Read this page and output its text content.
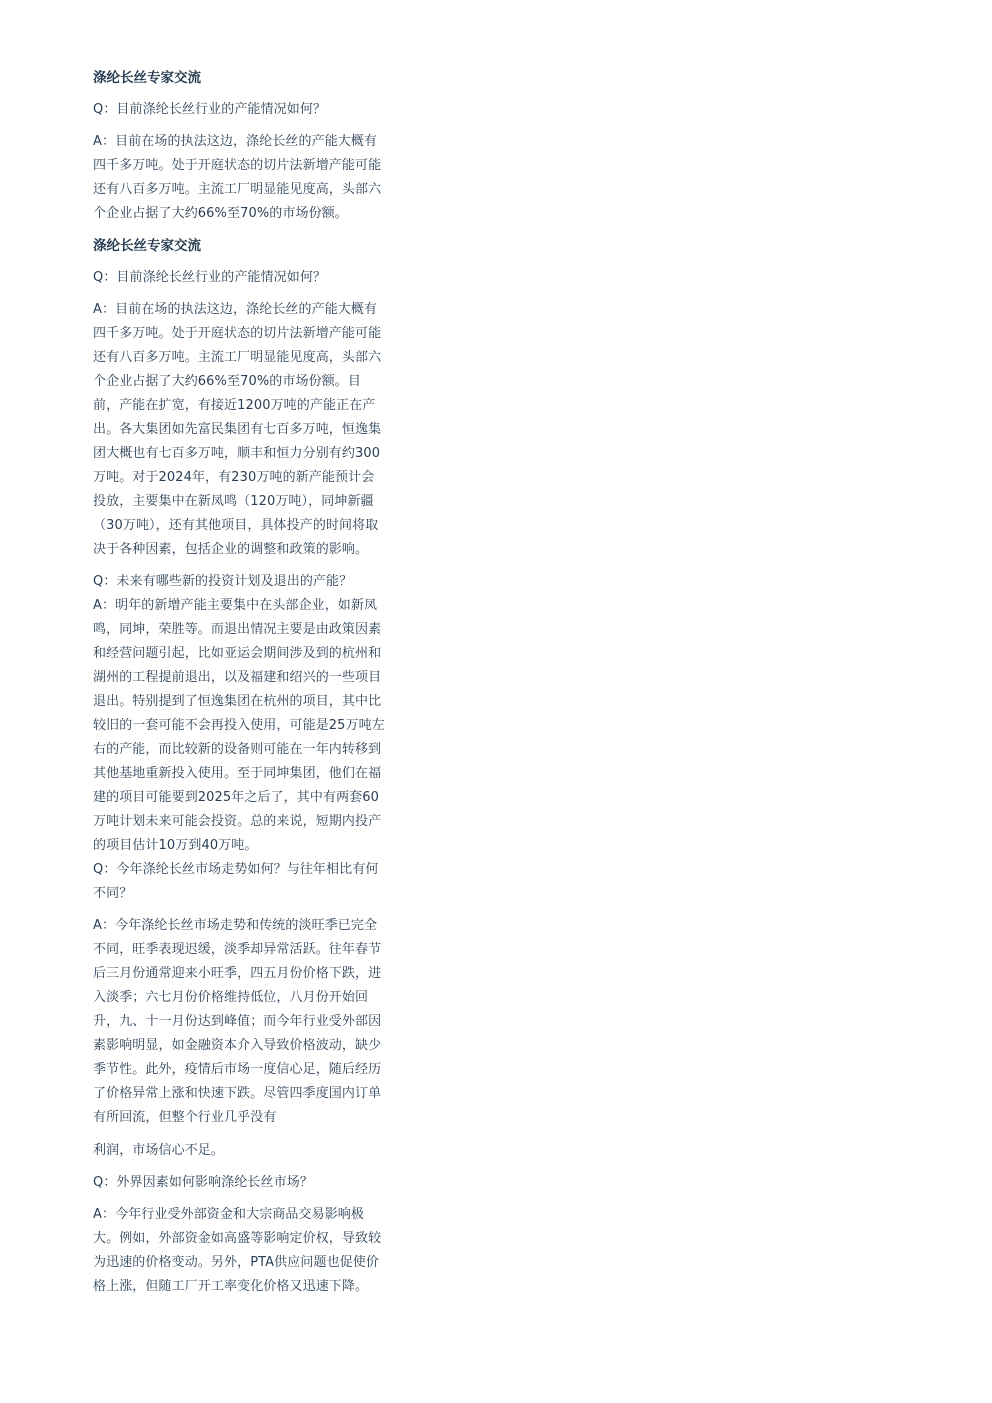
涤纶长丝专家交流
Q：目前涤纶长丝行业的产能情况如何？
A：目前在场的执法这边，涤纶长丝的产能大概有四千多万吨。处于开庭状态的切片法新增产能可能还有八百多万吨。主流工厂明显能见度高，头部六个企业占据了大约66%至70%的市场份额。
涤纶长丝专家交流
Q：目前涤纶长丝行业的产能情况如何？
A：目前在场的执法这边，涤纶长丝的产能大概有四千多万吨。处于开庭状态的切片法新增产能可能还有八百多万吨。主流工厂明显能见度高，头部六个企业占据了大约66%至70%的市场份额。目前，产能在扩宽，有接近1200万吨的产能正在产出。各大集团如先富民集团有七百多万吨，恒逸集团大概也有七百多万吨，顺丰和恒力分别有约300万吨。对于2024年，有230万吨的新产能预计会投放，主要集中在新凤鸣（120万吨），同坤新疆（30万吨），还有其他项目，具体投产的时间将取决于各种因素，包括企业的调整和政策的影响。
Q：未来有哪些新的投资计划及退出的产能？
A：明年的新增产能主要集中在头部企业，如新凤鸣，同坤，荣胜等。而退出情况主要是由政策因素和经营问题引起，比如亚运会期间涉及到的杭州和湖州的工程提前退出，以及福建和绍兴的一些项目退出。特别提到了恒逸集团在杭州的项目，其中比较旧的一套可能不会再投入使用，可能是25万吨左右的产能，而比较新的设备则可能在一年内转移到其他基地重新投入使用。至于同坤集团，他们在福建的项目可能要到2025年之后了，其中有两套60万吨计划未来可能会投资。总的来说，短期内投产的项目估计10万到40万吨。
Q：今年涤纶长丝市场走势如何？与往年相比有何不同？
A：今年涤纶长丝市场走势和传统的淡旺季已完全不同，旺季表现迟缓，淡季却异常活跃。往年春节后三月份通常迎来小旺季，四五月份价格下跌，进入淡季；六七月份价格维持低位，八月份开始回升，九、十一月份达到峰值；而今年行业受外部因素影响明显，如金融资本介入导致价格波动，缺少季节性。此外，疫情后市场一度信心足，随后经历了价格异常上涨和快速下跌。尽管四季度国内订单有所回流，但整个行业几乎没有
利润，市场信心不足。
Q：外界因素如何影响涤纶长丝市场？
A：今年行业受外部资金和大宗商品交易影响极大。例如，外部资金如高盛等影响定价权，导致较为迅速的价格变动。另外，PTA供应问题也促使价格上涨，但随工厂开工率变化价格又迅速下降。
